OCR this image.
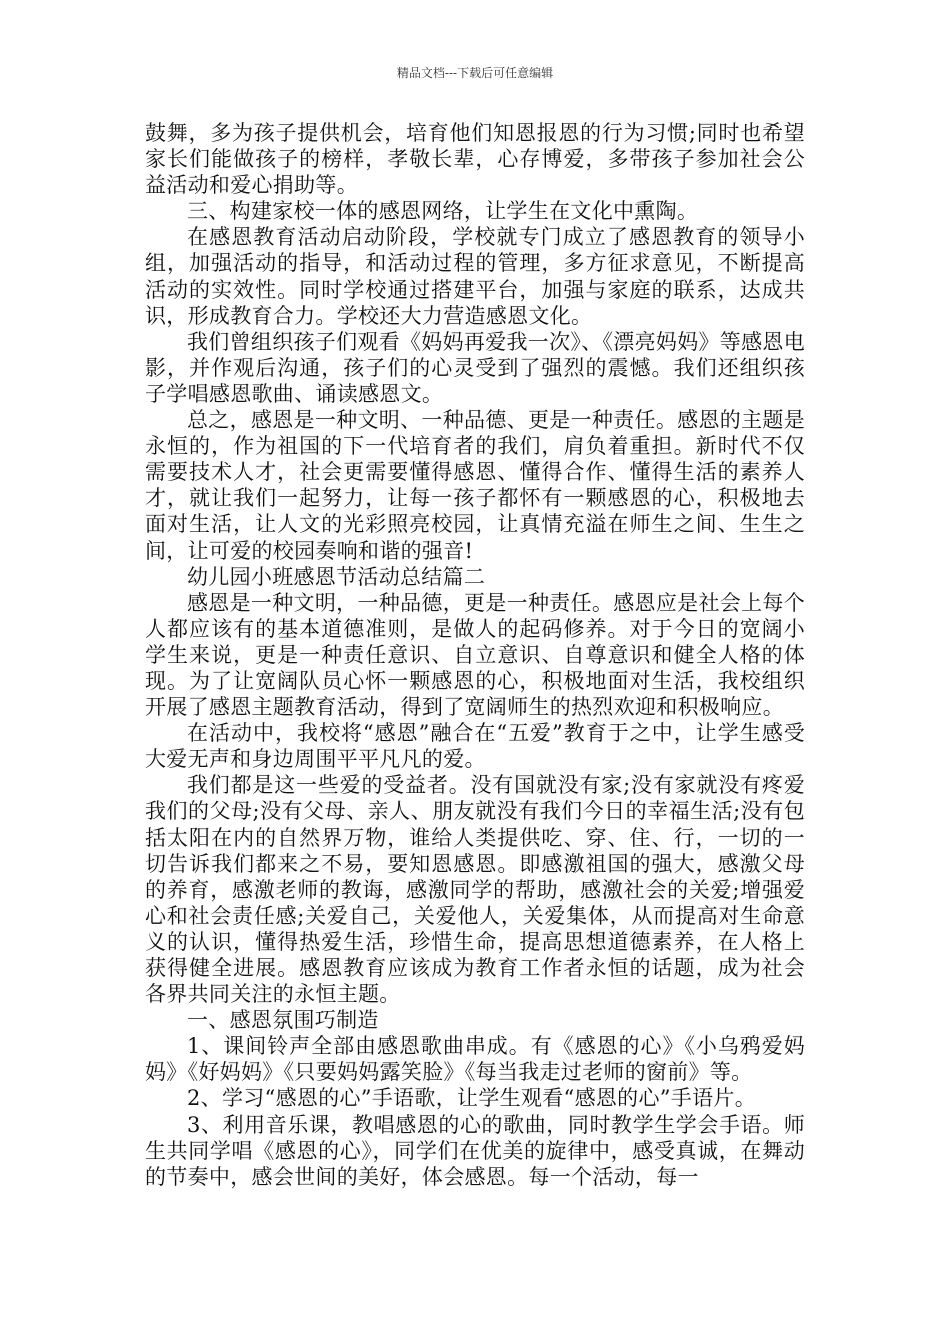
精品文档---下载后可任意编辑

鼓舞，多为孩子提供机会，培育他们知恩报恩的行为习惯;同时也希望家长们能做孩子的榜样，孝敬长辈，心存博爱，多带孩子参加社会公益活动和爱心捐助等。

三、构建家校一体的感恩网络，让学生在文化中熏陶。

在感恩教育活动启动阶段，学校就专门成立了感恩教育的领导小组，加强活动的指导，和活动过程的管理，多方征求意见，不断提高活动的实效性。同时学校通过搭建平台，加强与家庭的联系，达成共识，形成教育合力。学校还大力营造感恩文化。

我们曾组织孩子们观看《妈妈再爱我一次》、《漂亮妈妈》等感恩电影，并作观后沟通，孩子们的心灵受到了强烈的震憾。我们还组织孩子学唱感恩歌曲、诵读感恩文。

总之，感恩是一种文明、一种品德、更是一种责任。感恩的主题是永恒的，作为祖国的下一代培育者的我们，肩负着重担。新时代不仅需要技术人才，社会更需要懂得感恩、懂得合作、懂得生活的素养人才，就让我们一起努力，让每一孩子都怀有一颗感恩的心，积极地去面对生活，让人文的光彩照亮校园，让真情充溢在师生之间、生生之间，让可爱的校园奏响和谐的强音!

幼儿园小班感恩节活动总结篇二

感恩是一种文明，一种品德，更是一种责任。感恩应是社会上每个人都应该有的基本道德准则，是做人的起码修养。对于今日的宽阔小学生来说，更是一种责任意识、自立意识、自尊意识和健全人格的体现。为了让宽阔队员心怀一颗感恩的心，积极地面对生活，我校组织开展了感恩主题教育活动，得到了宽阔师生的热烈欢迎和积极响应。

在活动中，我校将“感恩”融合在“五爱”教育于之中，让学生感受大爱无声和身边周围平平凡凡的爱。

我们都是这一些爱的受益者。没有国就没有家;没有家就没有疼爱我们的父母;没有父母、亲人、朋友就没有我们今日的幸福生活;没有包括太阳在内的自然界万物，谁给人类提供吃、穿、住、行，一切的一切告诉我们都来之不易，要知恩感恩。即感激祖国的强大，感激父母的养育，感激老师的教诲，感激同学的帮助，感激社会的关爱;增强爱心和社会责任感;关爱自己，关爱他人，关爱集体，从而提高对生命意义的认识，懂得热爱生活，珍惜生命，提高思想道德素养，在人格上获得健全进展。感恩教育应该成为教育工作者永恒的话题，成为社会各界共同关注的永恒主题。

一、感恩氛围巧制造

1、课间铃声全部由感恩歌曲串成。有《感恩的心》《小乌鸦爱妈妈》《好妈妈》《只要妈妈露笑脸》《每当我走过老师的窗前》等。

2、学习“感恩的心”手语歌，让学生观看“感恩的心”手语片。

3、利用音乐课，教唱感恩的心的歌曲，同时教学生学会手语。师生共同学唱《感恩的心》，同学们在优美的旋律中，感受真诚，在舞动的节奏中，感会世间的美好，体会感恩。每一个活动，每一
